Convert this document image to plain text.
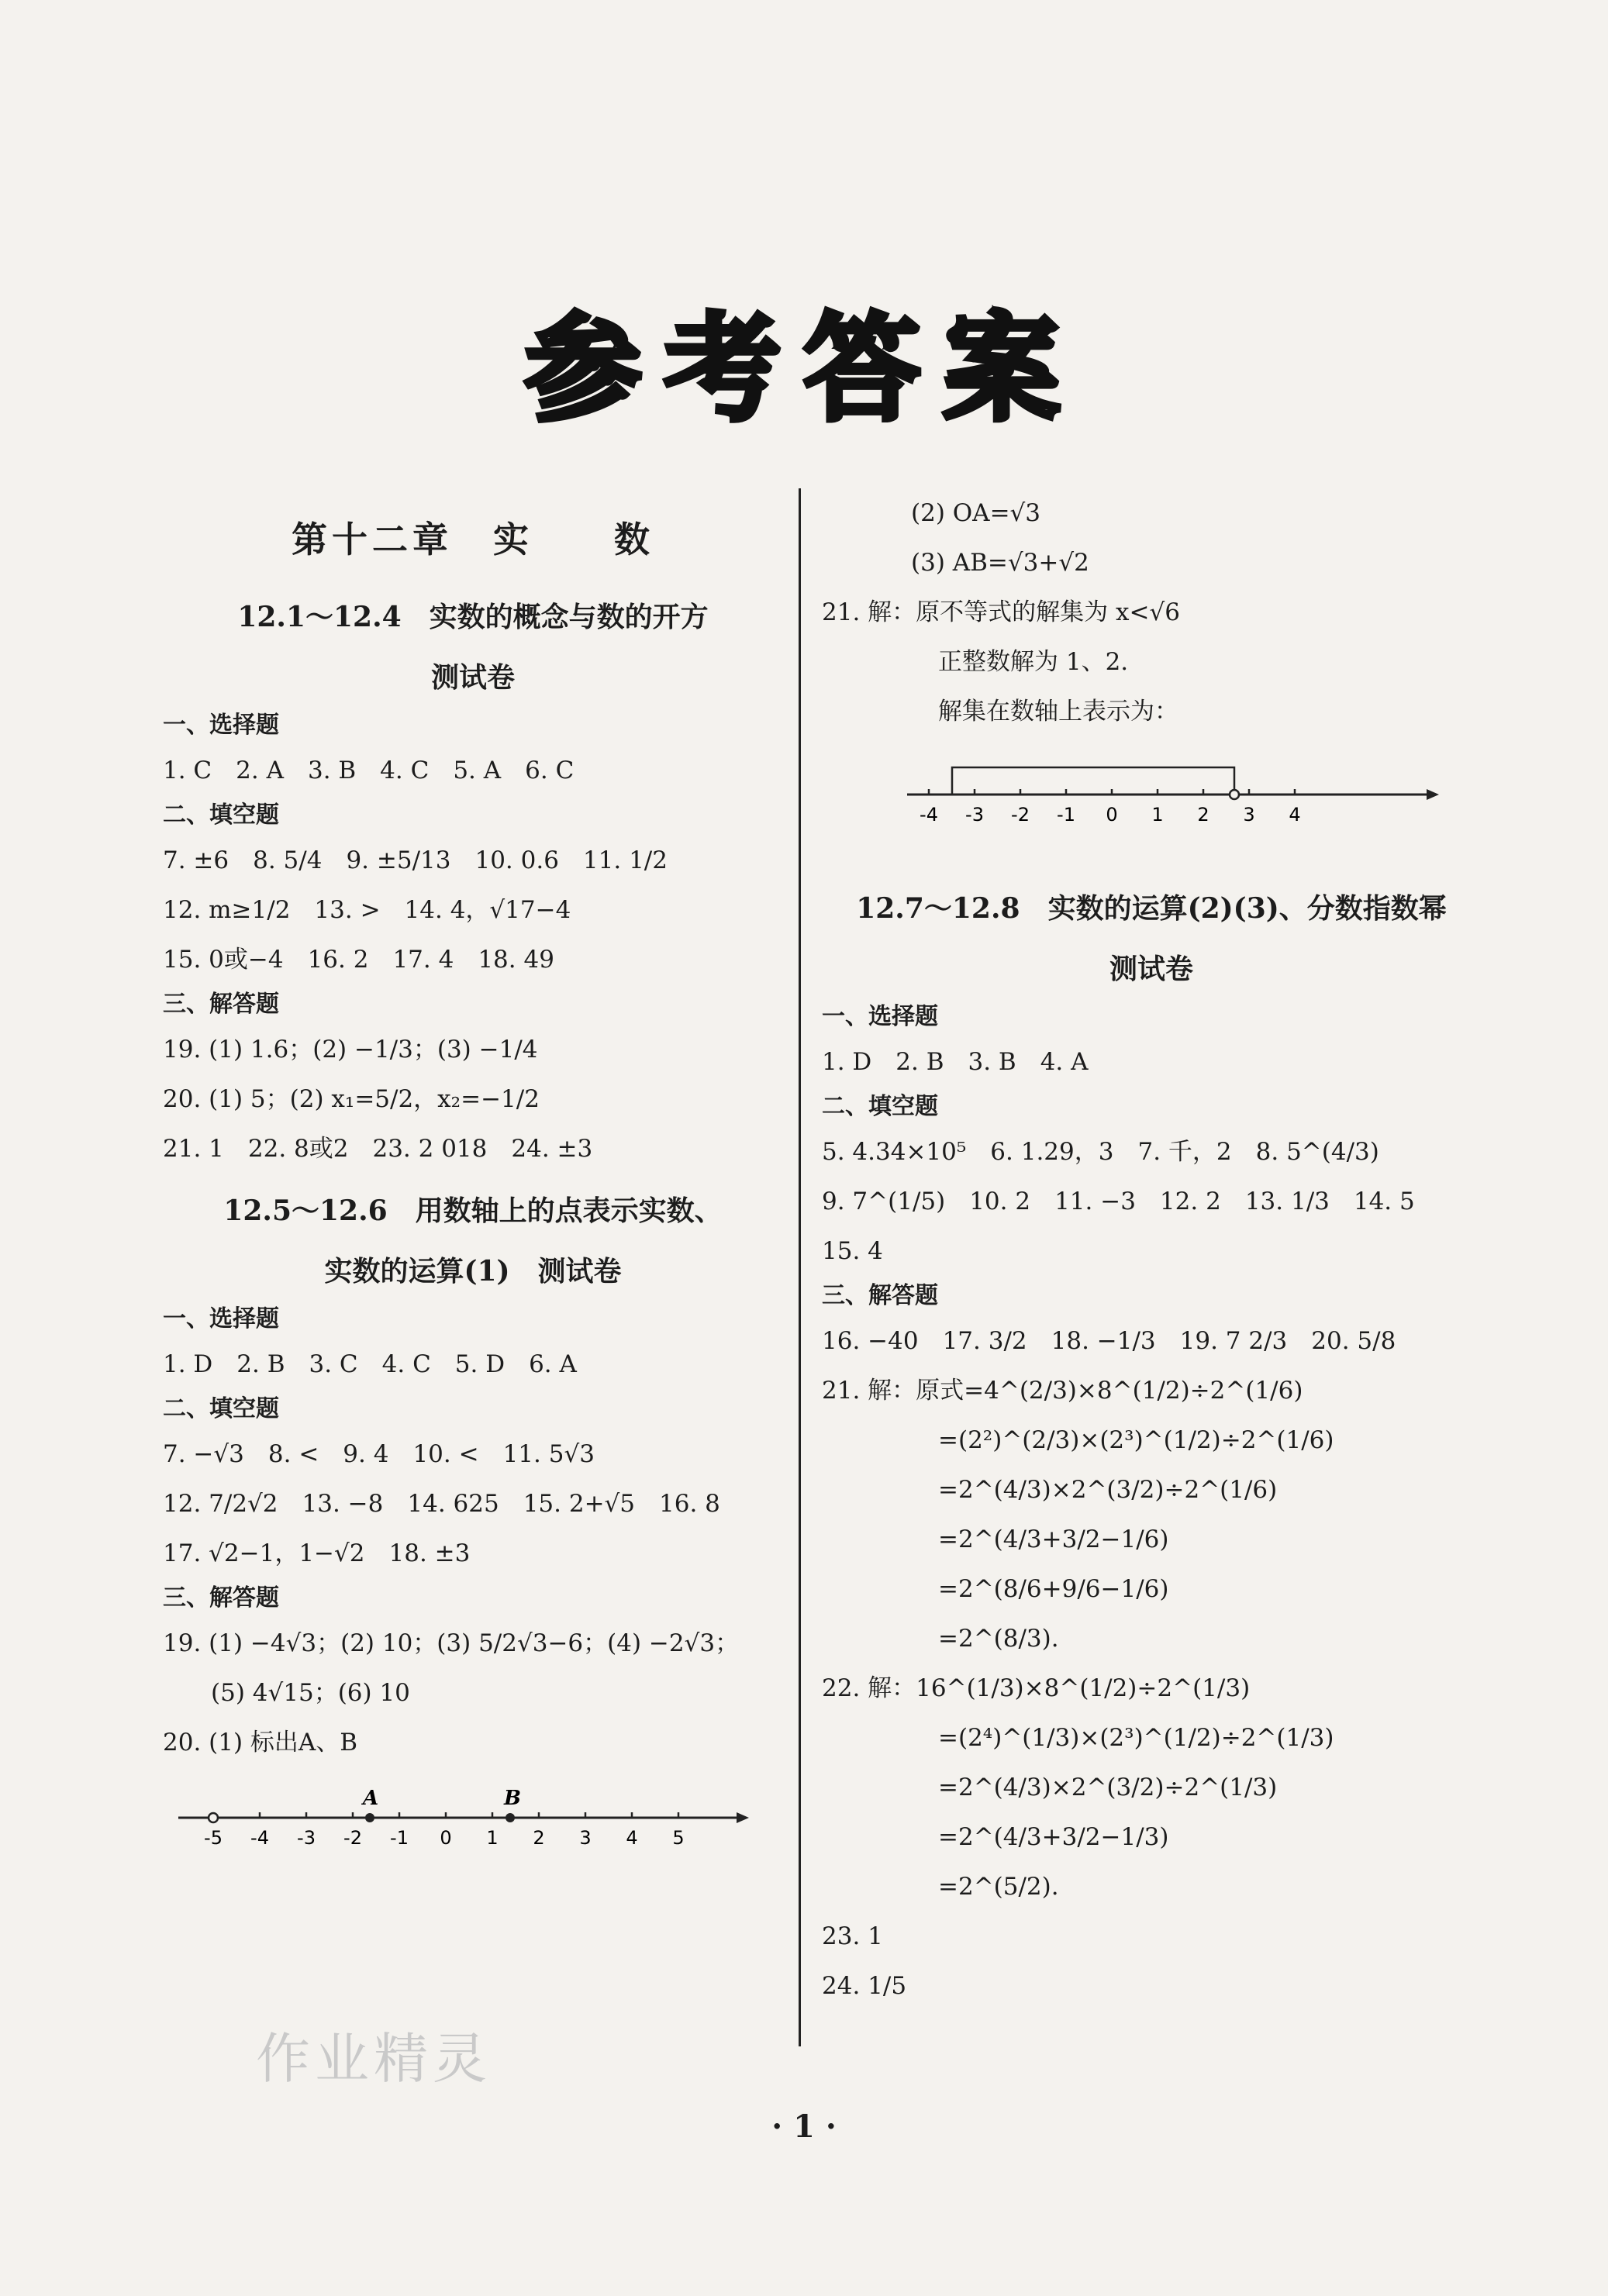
参考答案
第十二章　实　　数
12.1～12.4　实数的概念与数的开方
测试卷
一、选择题
1. C　2. A　3. B　4. C　5. A　6. C
二、填空题
7. ±6　8. 5/4　9. ±5/13　10. 0.6　11. 1/2
12. m≥1/2　13. >　14. 4，√17−4
15. 0或−4　16. 2　17. 4　18. 49
三、解答题
19. (1) 1.6；(2) −1/3；(3) −1/4
20. (1) 5；(2) x₁=5/2，x₂=−1/2
21. 1　22. 8或2　23. 2 018　24. ±3
12.5～12.6　用数轴上的点表示实数、
实数的运算(1)　测试卷
一、选择题
1. D　2. B　3. C　4. C　5. D　6. A
二、填空题
7. −√3　8. <　9. 4　10. <　11. 5√3
12. 7/2√2　13. −8　14. 625　15. 2+√5　16. 8
17. √2−1，1−√2　18. ±3
三、解答题
19. (1) −4√3；(2) 10；(3) 5/2√3−6；(4) −2√3；
(5) 4√15；(6) 10
20. (1) 标出A、B
-5 -4 -3 -2 -1 0 1 2 3 4 5
A	B
(2) OA=√3
(3) AB=√3+√2
21. 解：原不等式的解集为 x<√6
正整数解为 1、2.
解集在数轴上表示为：
-4 -3 -2 -1 0 1 2 3 4
12.7～12.8　实数的运算(2)(3)、分数指数幂
测试卷
一、选择题
1. D　2. B　3. B　4. A
二、填空题
5. 4.34×10⁵　6. 1.29，3　7. 千，2　8. 5^(4/3)
9. 7^(1/5)　10. 2　11. −3　12. 2　13. 1/3　14. 5
15. 4
三、解答题
16. −40　17. 3/2　18. −1/3　19. 7 2/3　20. 5/8
21. 解：原式=4^(2/3)×8^(1/2)÷2^(1/6)
=(2²)^(2/3)×(2³)^(1/2)÷2^(1/6)
=2^(4/3)×2^(3/2)÷2^(1/6)
=2^(4/3+3/2−1/6)
=2^(8/6+9/6−1/6)
=2^(8/3).
22. 解：16^(1/3)×8^(1/2)÷2^(1/3)
=(2⁴)^(1/3)×(2³)^(1/2)÷2^(1/3)
=2^(4/3)×2^(3/2)÷2^(1/3)
=2^(4/3+3/2−1/3)
=2^(5/2).
23. 1
24. 1/5
作业精灵
· 1 ·
